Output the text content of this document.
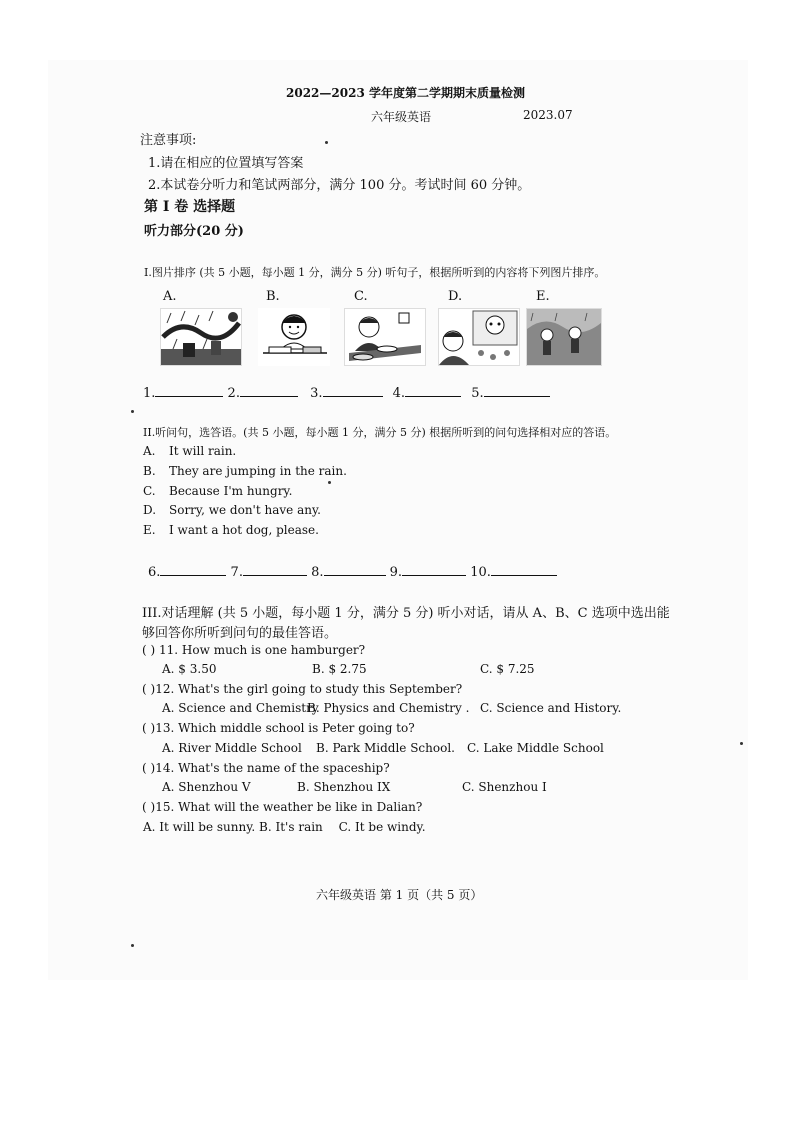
2022—2023 学年度第二学期期末质量检测
六年级英语	2023.07
注意事项:
1.请在相应的位置填写答案
2.本试卷分听力和笔试两部分，满分 100 分。考试时间 60 分钟。
第 I 卷 选择题
听力部分(20 分)
I.图片排序 (共 5 小题，每小题 1 分，满分 5 分) 听句子，根据所听到的内容将下列图片排序。
A.	B.	C.	D.	E.
1.	2.	3.	4.	5.
II.听问句，选答语。(共 5 小题，每小题 1 分，满分 5 分) 根据所听到的问句选择相对应的答语。
A. It will rain.
B. They are jumping in the rain.
C. Because I'm hungry.
D. Sorry, we don't have any.
E. I want a hot dog, please.
6.	7.	8.	9.	10.
III.对话理解 (共 5 小题，每小题 1 分，满分 5 分) 听小对话，请从 A、B、C 选项中选出能
够回答你所听到问句的最佳答语。
( ) 11. How much is one hamburger?
A. $ 3.50	B. $ 2.75	C. $ 7.25
( )12. What's the girl going to study this September?
A. Science and Chemistry
B. Physics and Chemistry . C. Science and History.
( )13. Which middle school is Peter going to?
A. River Middle School B. Park Middle School. C. Lake Middle School
( )14. What's the name of the spaceship?
A. Shenzhou V	B. Shenzhou IX	C. Shenzhou I
( )15. What will the weather be like in Dalian?
A. It will be sunny. B. It's rain C. It be windy.
六年级英语 第 1 页（共 5 页）
